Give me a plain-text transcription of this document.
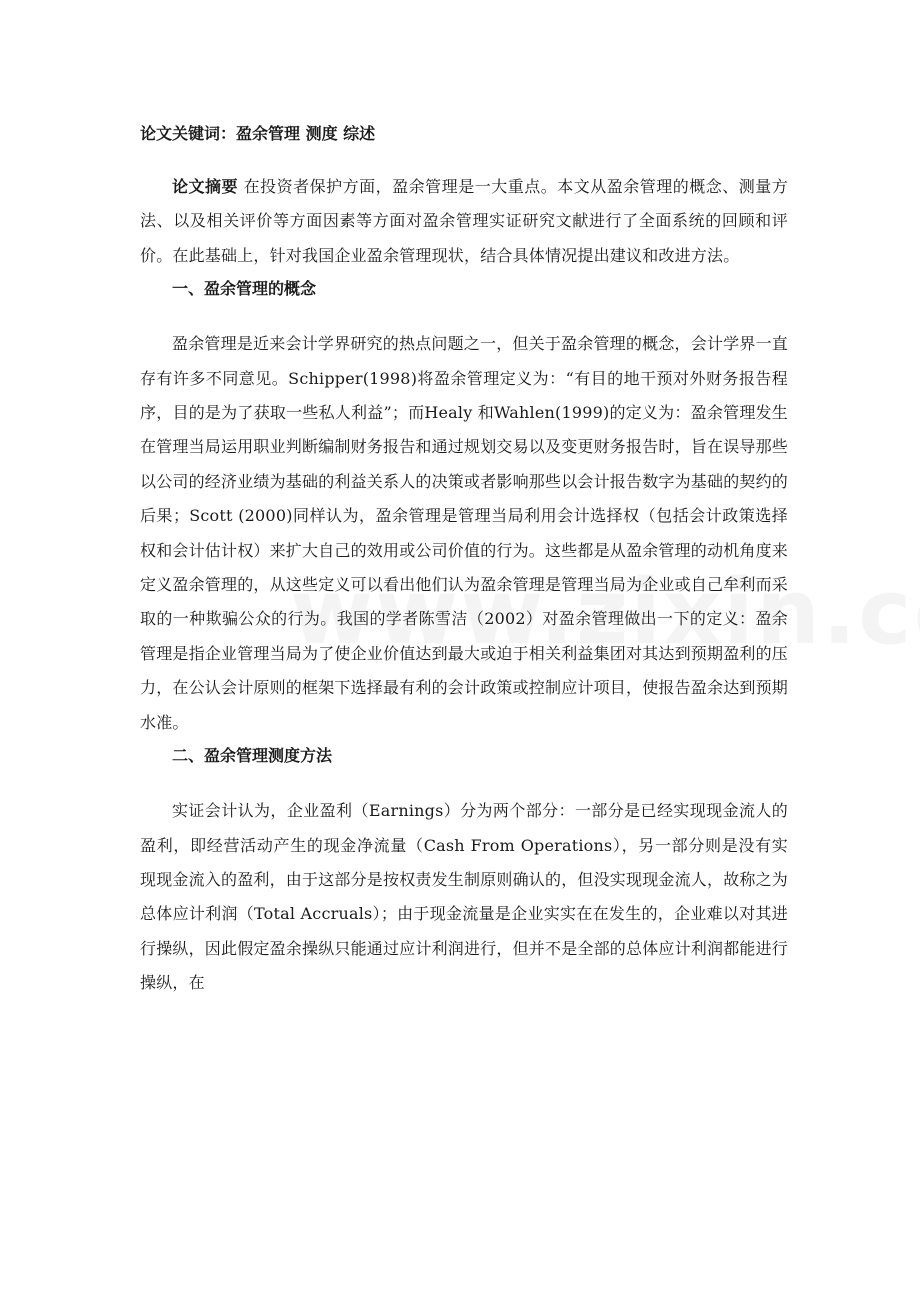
论文关键词：盈余管理 测度 综述

论文摘要 在投资者保护方面，盈余管理是一大重点。本文从盈余管理的概念、测量方法、以及相关评价等方面因素等方面对盈余管理实证研究文献进行了全面系统的回顾和评价。在此基础上，针对我国企业盈余管理现状，结合具体情况提出建议和改进方法。

一、盈余管理的概念

盈余管理是近来会计学界研究的热点问题之一，但关于盈余管理的概念，会计学界一直存有许多不同意见。Schipper(1998)将盈余管理定义为：“有目的地干预对外财务报告程序，目的是为了获取一些私人利益”；而Healy 和Wahlen(1999)的定义为：盈余管理发生在管理当局运用职业判断编制财务报告和通过规划交易以及变更财务报告时，旨在误导那些以公司的经济业绩为基础的利益关系人的决策或者影响那些以会计报告数字为基础的契约的后果；Scott (2000)同样认为，盈余管理是管理当局利用会计选择权（包括会计政策选择权和会计估计权）来扩大自己的效用或公司价值的行为。这些都是从盈余管理的动机角度来定义盈余管理的，从这些定义可以看出他们认为盈余管理是管理当局为企业或自己牟利而采取的一种欺骗公众的行为。我国的学者陈雪洁（2002）对盈余管理做出一下的定义：盈余管理是指企业管理当局为了使企业价值达到最大或迫于相关利益集团对其达到预期盈利的压力，在公认会计原则的框架下选择最有利的会计政策或控制应计项目，使报告盈余达到预期水准。

二、盈余管理测度方法

实证会计认为，企业盈利（Earnings）分为两个部分：一部分是已经实现现金流人的盈利，即经营活动产生的现金净流量（Cash From Operations），另一部分则是没有实现现金流入的盈利，由于这部分是按权责发生制原则确认的，但没实现现金流人，故称之为总体应计利润（Total Accruals）；由于现金流量是企业实实在在发生的，企业难以对其进行操纵，因此假定盈余操纵只能通过应计利润进行，但并不是全部的总体应计利润都能进行操纵，在
